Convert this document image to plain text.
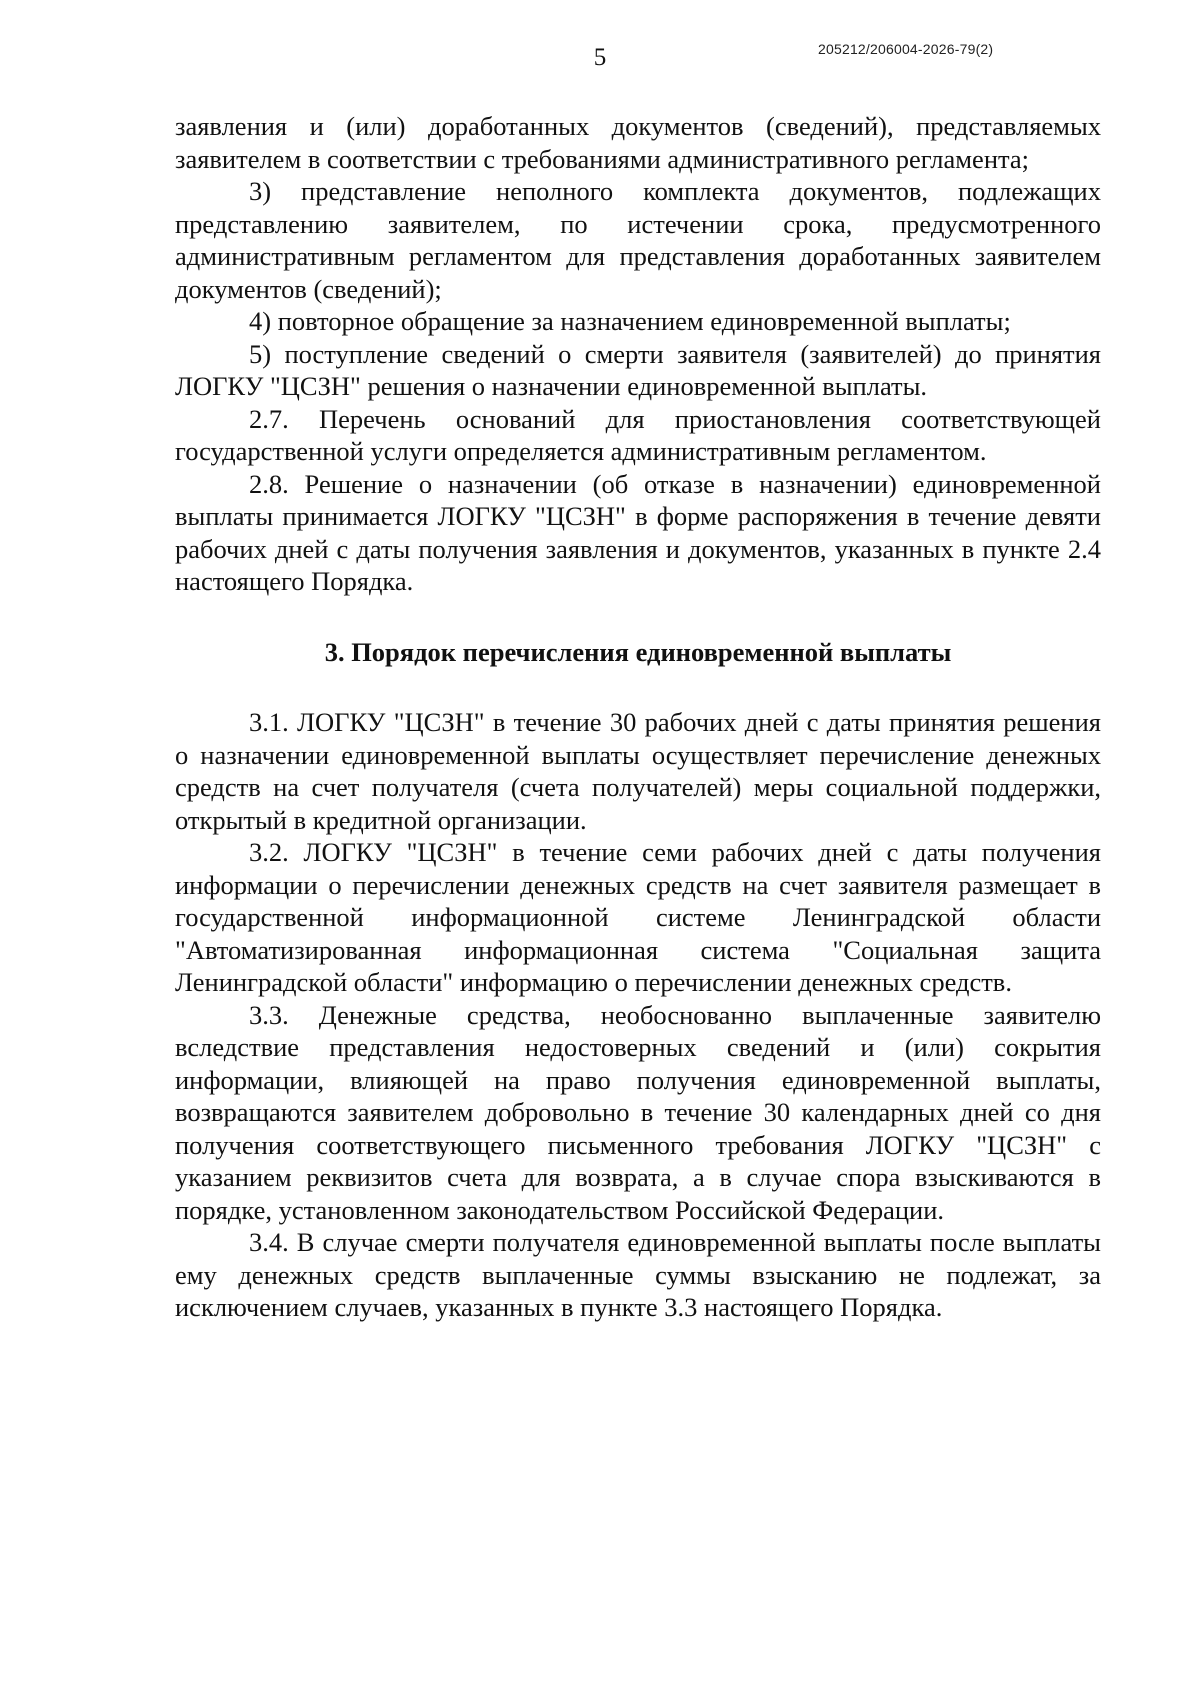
5	205212/206004-2026-79(2)

заявления и (или) доработанных документов (сведений), представляемых заявителем в соответствии с требованиями административного регламента;

3) представление неполного комплекта документов, подлежащих представлению заявителем, по истечении срока, предусмотренного административным регламентом для представления доработанных заявителем документов (сведений);

4) повторное обращение за назначением единовременной выплаты;

5) поступление сведений о смерти заявителя (заявителей) до принятия ЛОГКУ "ЦСЗН" решения о назначении единовременной выплаты.

2.7. Перечень оснований для приостановления соответствующей государственной услуги определяется административным регламентом.

2.8. Решение о назначении (об отказе в назначении) единовременной выплаты принимается ЛОГКУ "ЦСЗН" в форме распоряжения в течение девяти рабочих дней с даты получения заявления и документов, указанных в пункте 2.4 настоящего Порядка.

3. Порядок перечисления единовременной выплаты

3.1. ЛОГКУ "ЦСЗН" в течение 30 рабочих дней с даты принятия решения о назначении единовременной выплаты осуществляет перечисление денежных средств на счет получателя (счета получателей) меры социальной поддержки, открытый в кредитной организации.

3.2. ЛОГКУ "ЦСЗН" в течение семи рабочих дней с даты получения информации о перечислении денежных средств на счет заявителя размещает в государственной информационной системе Ленинградской области "Автоматизированная информационная система "Социальная защита Ленинградской области" информацию о перечислении денежных средств.

3.3. Денежные средства, необоснованно выплаченные заявителю вследствие представления недостоверных сведений и (или) сокрытия информации, влияющей на право получения единовременной выплаты, возвращаются заявителем добровольно в течение 30 календарных дней со дня получения соответствующего письменного требования ЛОГКУ "ЦСЗН" с указанием реквизитов счета для возврата, а в случае спора взыскиваются в порядке, установленном законодательством Российской Федерации.

3.4. В случае смерти получателя единовременной выплаты после выплаты ему денежных средств выплаченные суммы взысканию не подлежат, за исключением случаев, указанных в пункте 3.3 настоящего Порядка.
